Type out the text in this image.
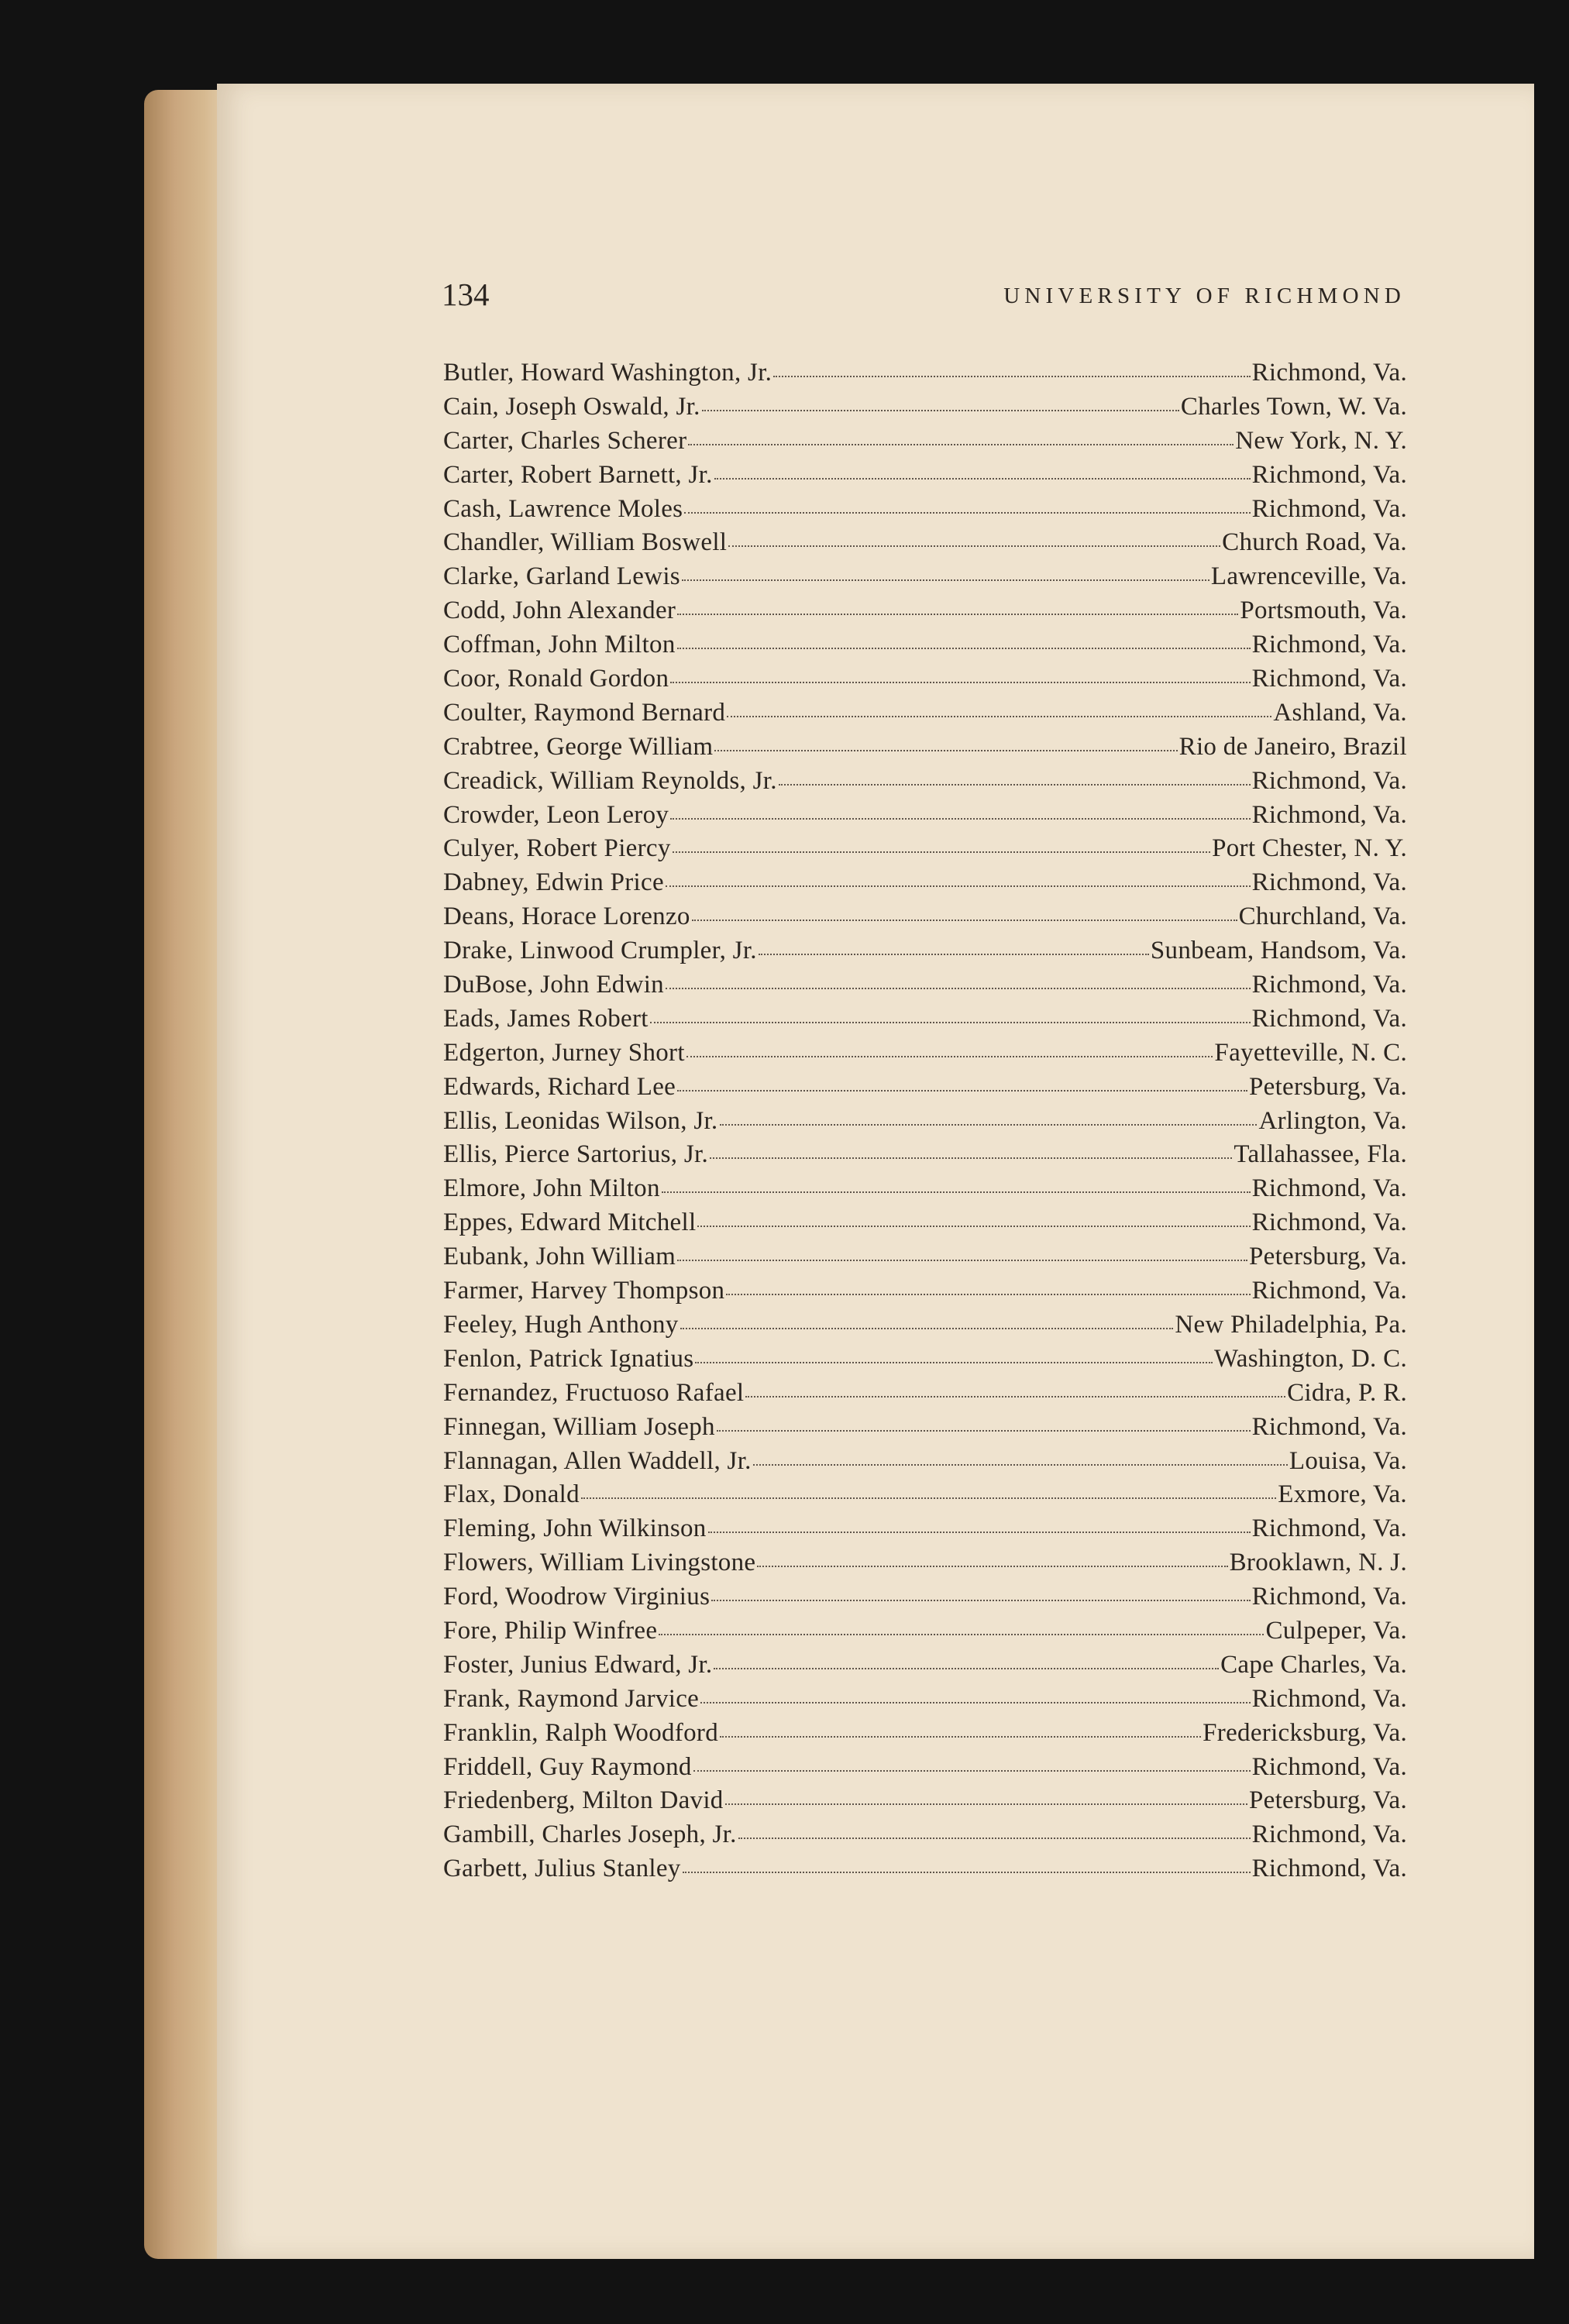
134	UNIVERSITY OF RICHMOND
Butler, Howard Washington, Jr.	Richmond, Va.
Cain, Joseph Oswald, Jr.	Charles Town, W. Va.
Carter, Charles Scherer	New York, N. Y.
Carter, Robert Barnett, Jr.	Richmond, Va.
Cash, Lawrence Moles	Richmond, Va.
Chandler, William Boswell	Church Road, Va.
Clarke, Garland Lewis	Lawrenceville, Va.
Codd, John Alexander	Portsmouth, Va.
Coffman, John Milton	Richmond, Va.
Coor, Ronald Gordon	Richmond, Va.
Coulter, Raymond Bernard	Ashland, Va.
Crabtree, George William	Rio de Janeiro, Brazil
Creadick, William Reynolds, Jr.	Richmond, Va.
Crowder, Leon Leroy	Richmond, Va.
Culyer, Robert Piercy	Port Chester, N. Y.
Dabney, Edwin Price	Richmond, Va.
Deans, Horace Lorenzo	Churchland, Va.
Drake, Linwood Crumpler, Jr.	Sunbeam, Handsom, Va.
DuBose, John Edwin	Richmond, Va.
Eads, James Robert	Richmond, Va.
Edgerton, Jurney Short	Fayetteville, N. C.
Edwards, Richard Lee	Petersburg, Va.
Ellis, Leonidas Wilson, Jr.	Arlington, Va.
Ellis, Pierce Sartorius, Jr.	Tallahassee, Fla.
Elmore, John Milton	Richmond, Va.
Eppes, Edward Mitchell	Richmond, Va.
Eubank, John William	Petersburg, Va.
Farmer, Harvey Thompson	Richmond, Va.
Feeley, Hugh Anthony	New Philadelphia, Pa.
Fenlon, Patrick Ignatius	Washington, D. C.
Fernandez, Fructuoso Rafael	Cidra, P. R.
Finnegan, William Joseph	Richmond, Va.
Flannagan, Allen Waddell, Jr.	Louisa, Va.
Flax, Donald	Exmore, Va.
Fleming, John Wilkinson	Richmond, Va.
Flowers, William Livingstone	Brooklawn, N. J.
Ford, Woodrow Virginius	Richmond, Va.
Fore, Philip Winfree	Culpeper, Va.
Foster, Junius Edward, Jr.	Cape Charles, Va.
Frank, Raymond Jarvice	Richmond, Va.
Franklin, Ralph Woodford	Fredericksburg, Va.
Friddell, Guy Raymond	Richmond, Va.
Friedenberg, Milton David	Petersburg, Va.
Gambill, Charles Joseph, Jr.	Richmond, Va.
Garbett, Julius Stanley	Richmond, Va.
